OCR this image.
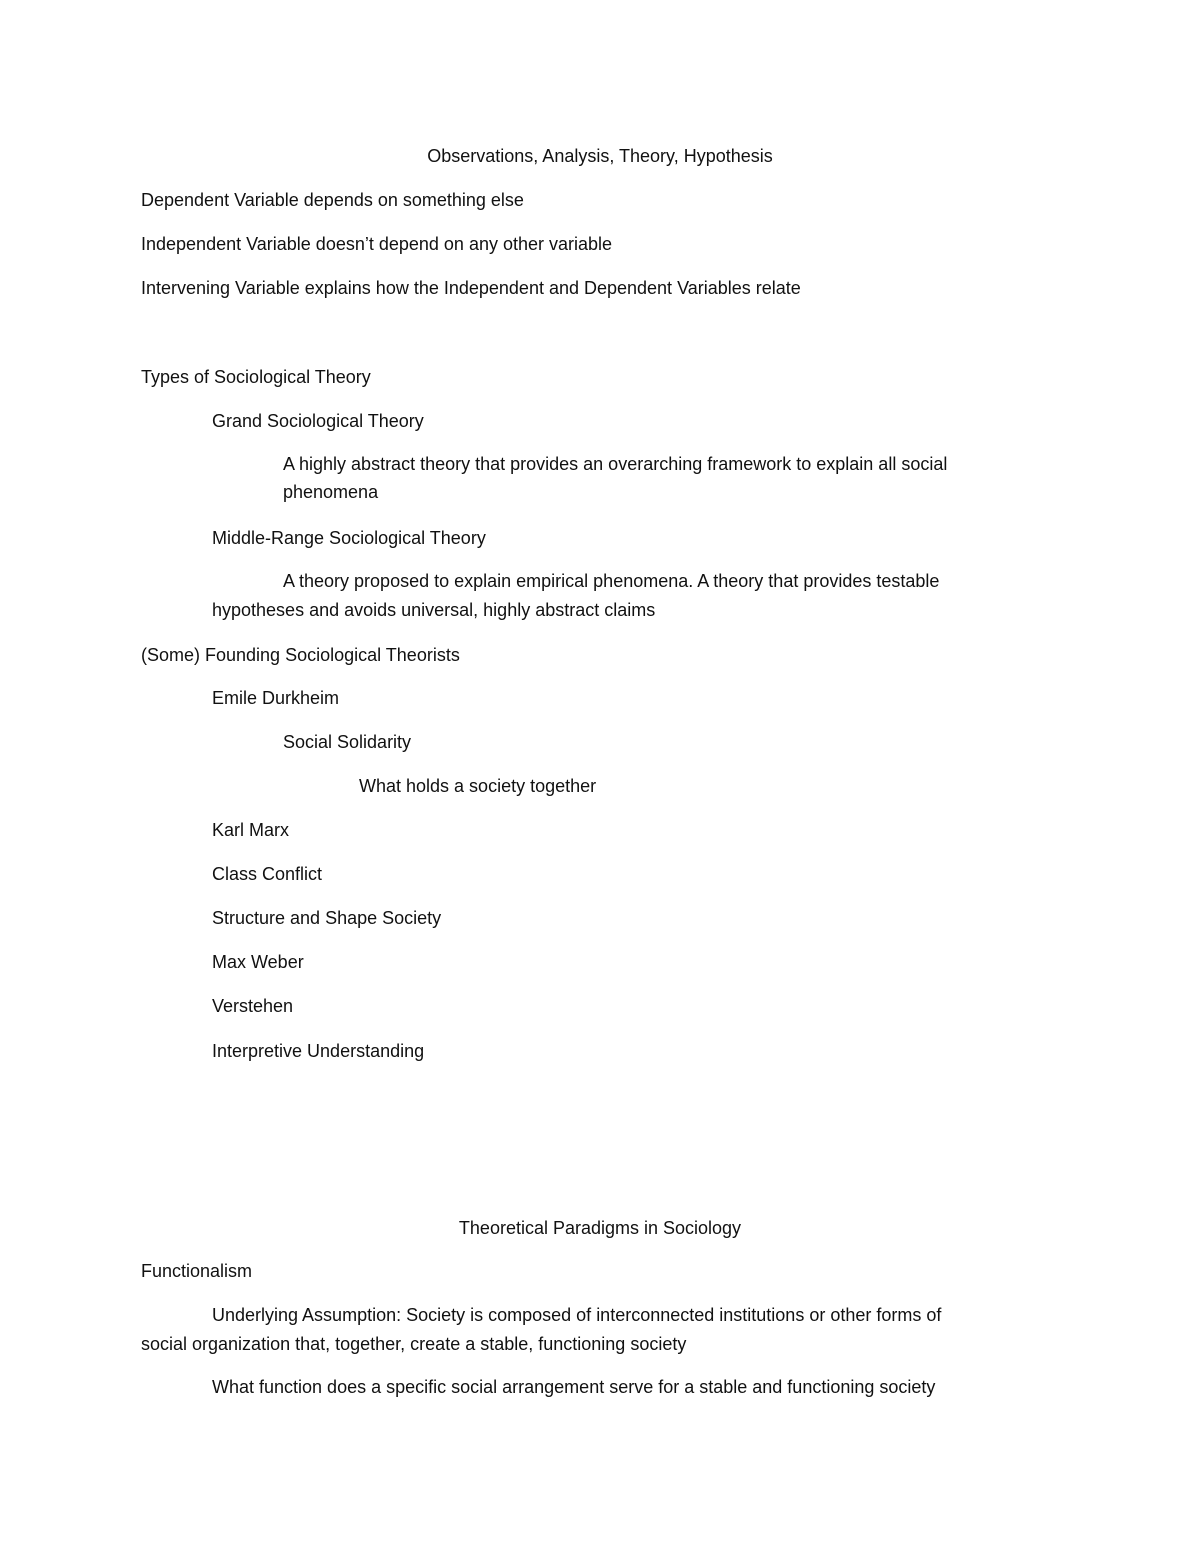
Observations, Analysis, Theory, Hypothesis

Dependent Variable depends on something else

Independent Variable doesn’t depend on any other variable

Intervening Variable explains how the Independent and Dependent Variables relate

Types of Sociological Theory

Grand Sociological Theory

A highly abstract theory that provides an overarching framework to explain all social phenomena

Middle-Range Sociological Theory

A theory proposed to explain empirical phenomena. A theory that provides testable

hypotheses and avoids universal, highly abstract claims

(Some) Founding Sociological Theorists

Emile Durkheim

Social Solidarity

What holds a society together

Karl Marx

Class Conflict

Structure and Shape Society

Max Weber

Verstehen

Interpretive Understanding

Theoretical Paradigms in Sociology

Functionalism

Underlying Assumption: Society is composed of interconnected institutions or other forms of

social organization that, together, create a stable, functioning society

What function does a specific social arrangement serve for a stable and functioning society
